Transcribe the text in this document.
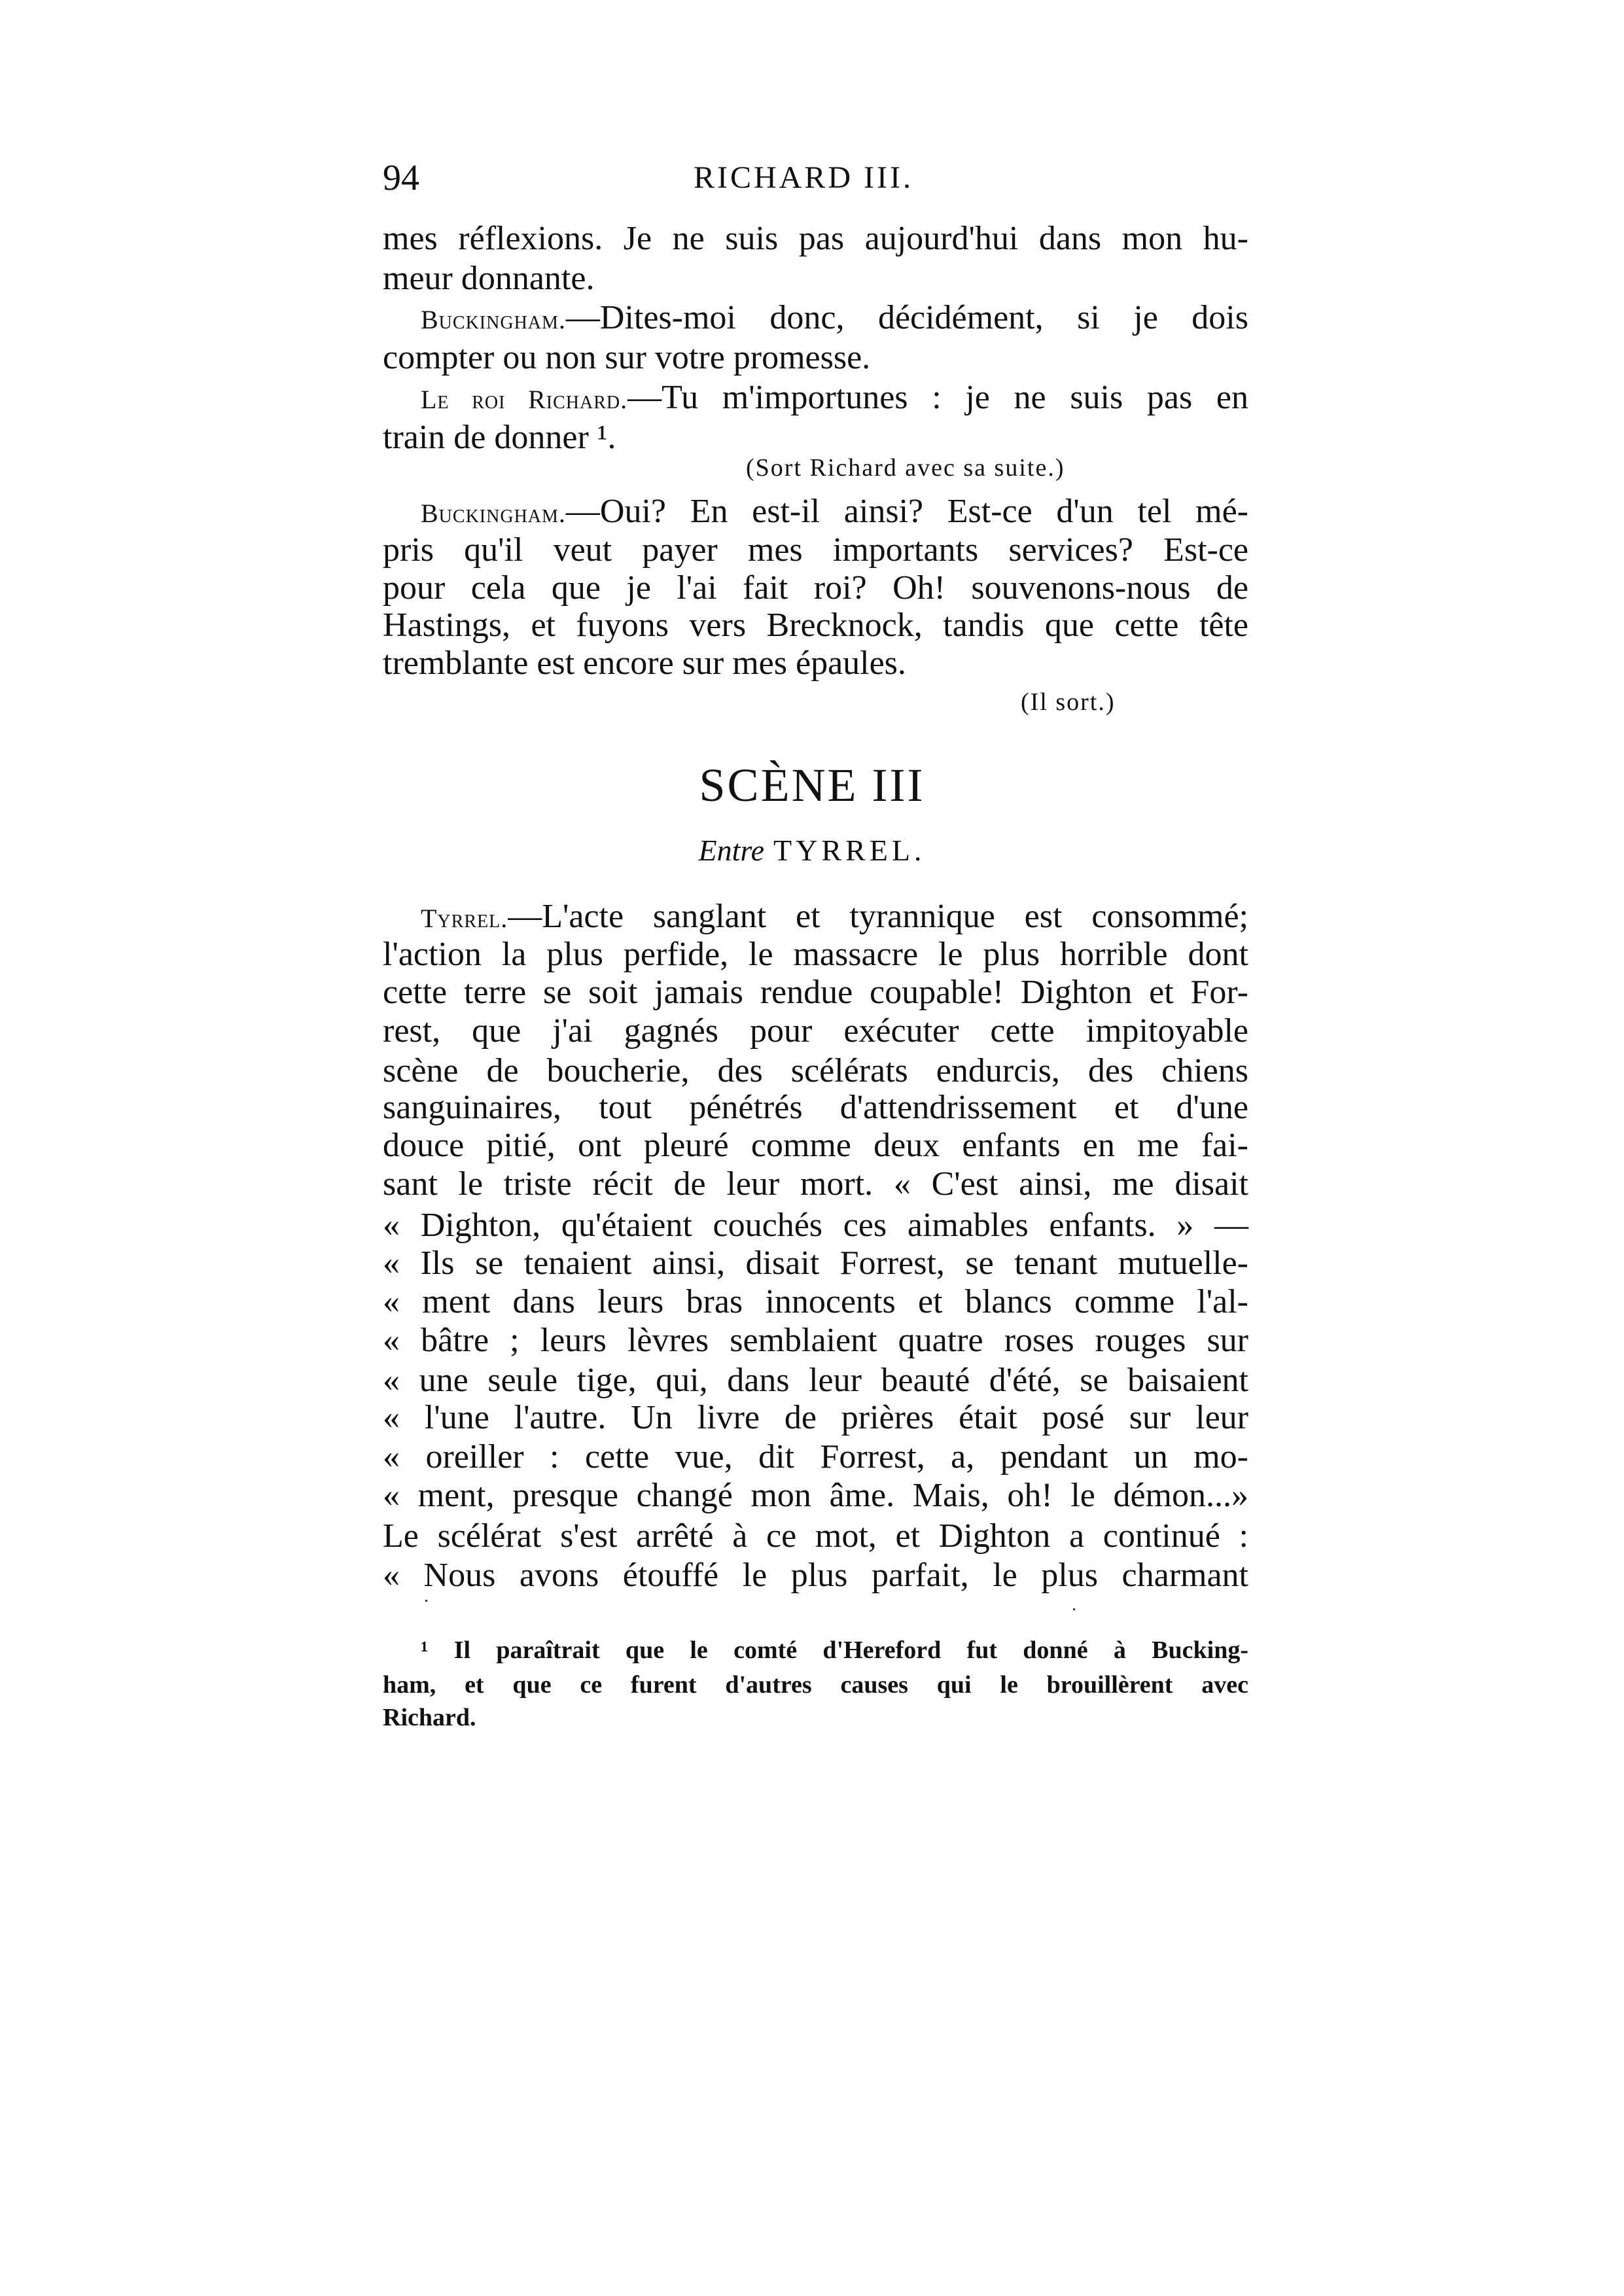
94	RICHARD III.
mes réflexions. Je ne suis pas aujourd'hui dans mon hu-
meur donnante.
Buckingham.—Dites-moi donc, décidément, si je dois
compter ou non sur votre promesse.
Le roi Richard.—Tu m'importunes : je ne suis pas en
train de donner ¹.
Buckingham.—Oui? En est-il ainsi? Est-ce d'un tel mé-
pris qu'il veut payer mes importants services? Est-ce
pour cela que je l'ai fait roi? Oh! souvenons-nous de
Hastings, et fuyons vers Brecknock, tandis que cette tête
tremblante est encore sur mes épaules.
Tyrrel.—L'acte sanglant et tyrannique est consommé;
l'action la plus perfide, le massacre le plus horrible dont
cette terre se soit jamais rendue coupable! Dighton et For-
rest, que j'ai gagnés pour exécuter cette impitoyable
scène de boucherie, des scélérats endurcis, des chiens
sanguinaires, tout pénétrés d'attendrissement et d'une
douce pitié, ont pleuré comme deux enfants en me fai-
sant le triste récit de leur mort. « C'est ainsi, me disait
« Dighton, qu'étaient couchés ces aimables enfants. » —
« Ils se tenaient ainsi, disait Forrest, se tenant mutuelle-
« ment dans leurs bras innocents et blancs comme l'al-
« bâtre ; leurs lèvres semblaient quatre roses rouges sur
« une seule tige, qui, dans leur beauté d'été, se baisaient
« l'une l'autre. Un livre de prières était posé sur leur
« oreiller : cette vue, dit Forrest, a, pendant un mo-
« ment, presque changé mon âme. Mais, oh! le démon...»
Le scélérat s'est arrêté à ce mot, et Dighton a continué :
« Nous avons étouffé le plus parfait, le plus charmant
¹ Il paraîtrait que le comté d'Hereford fut donné à Bucking-
ham, et que ce furent d'autres causes qui le brouillèrent avec
Richard.
(Sort Richard avec sa suite.)
(Il sort.)
SCÈNE III
Entre TYRREL.
